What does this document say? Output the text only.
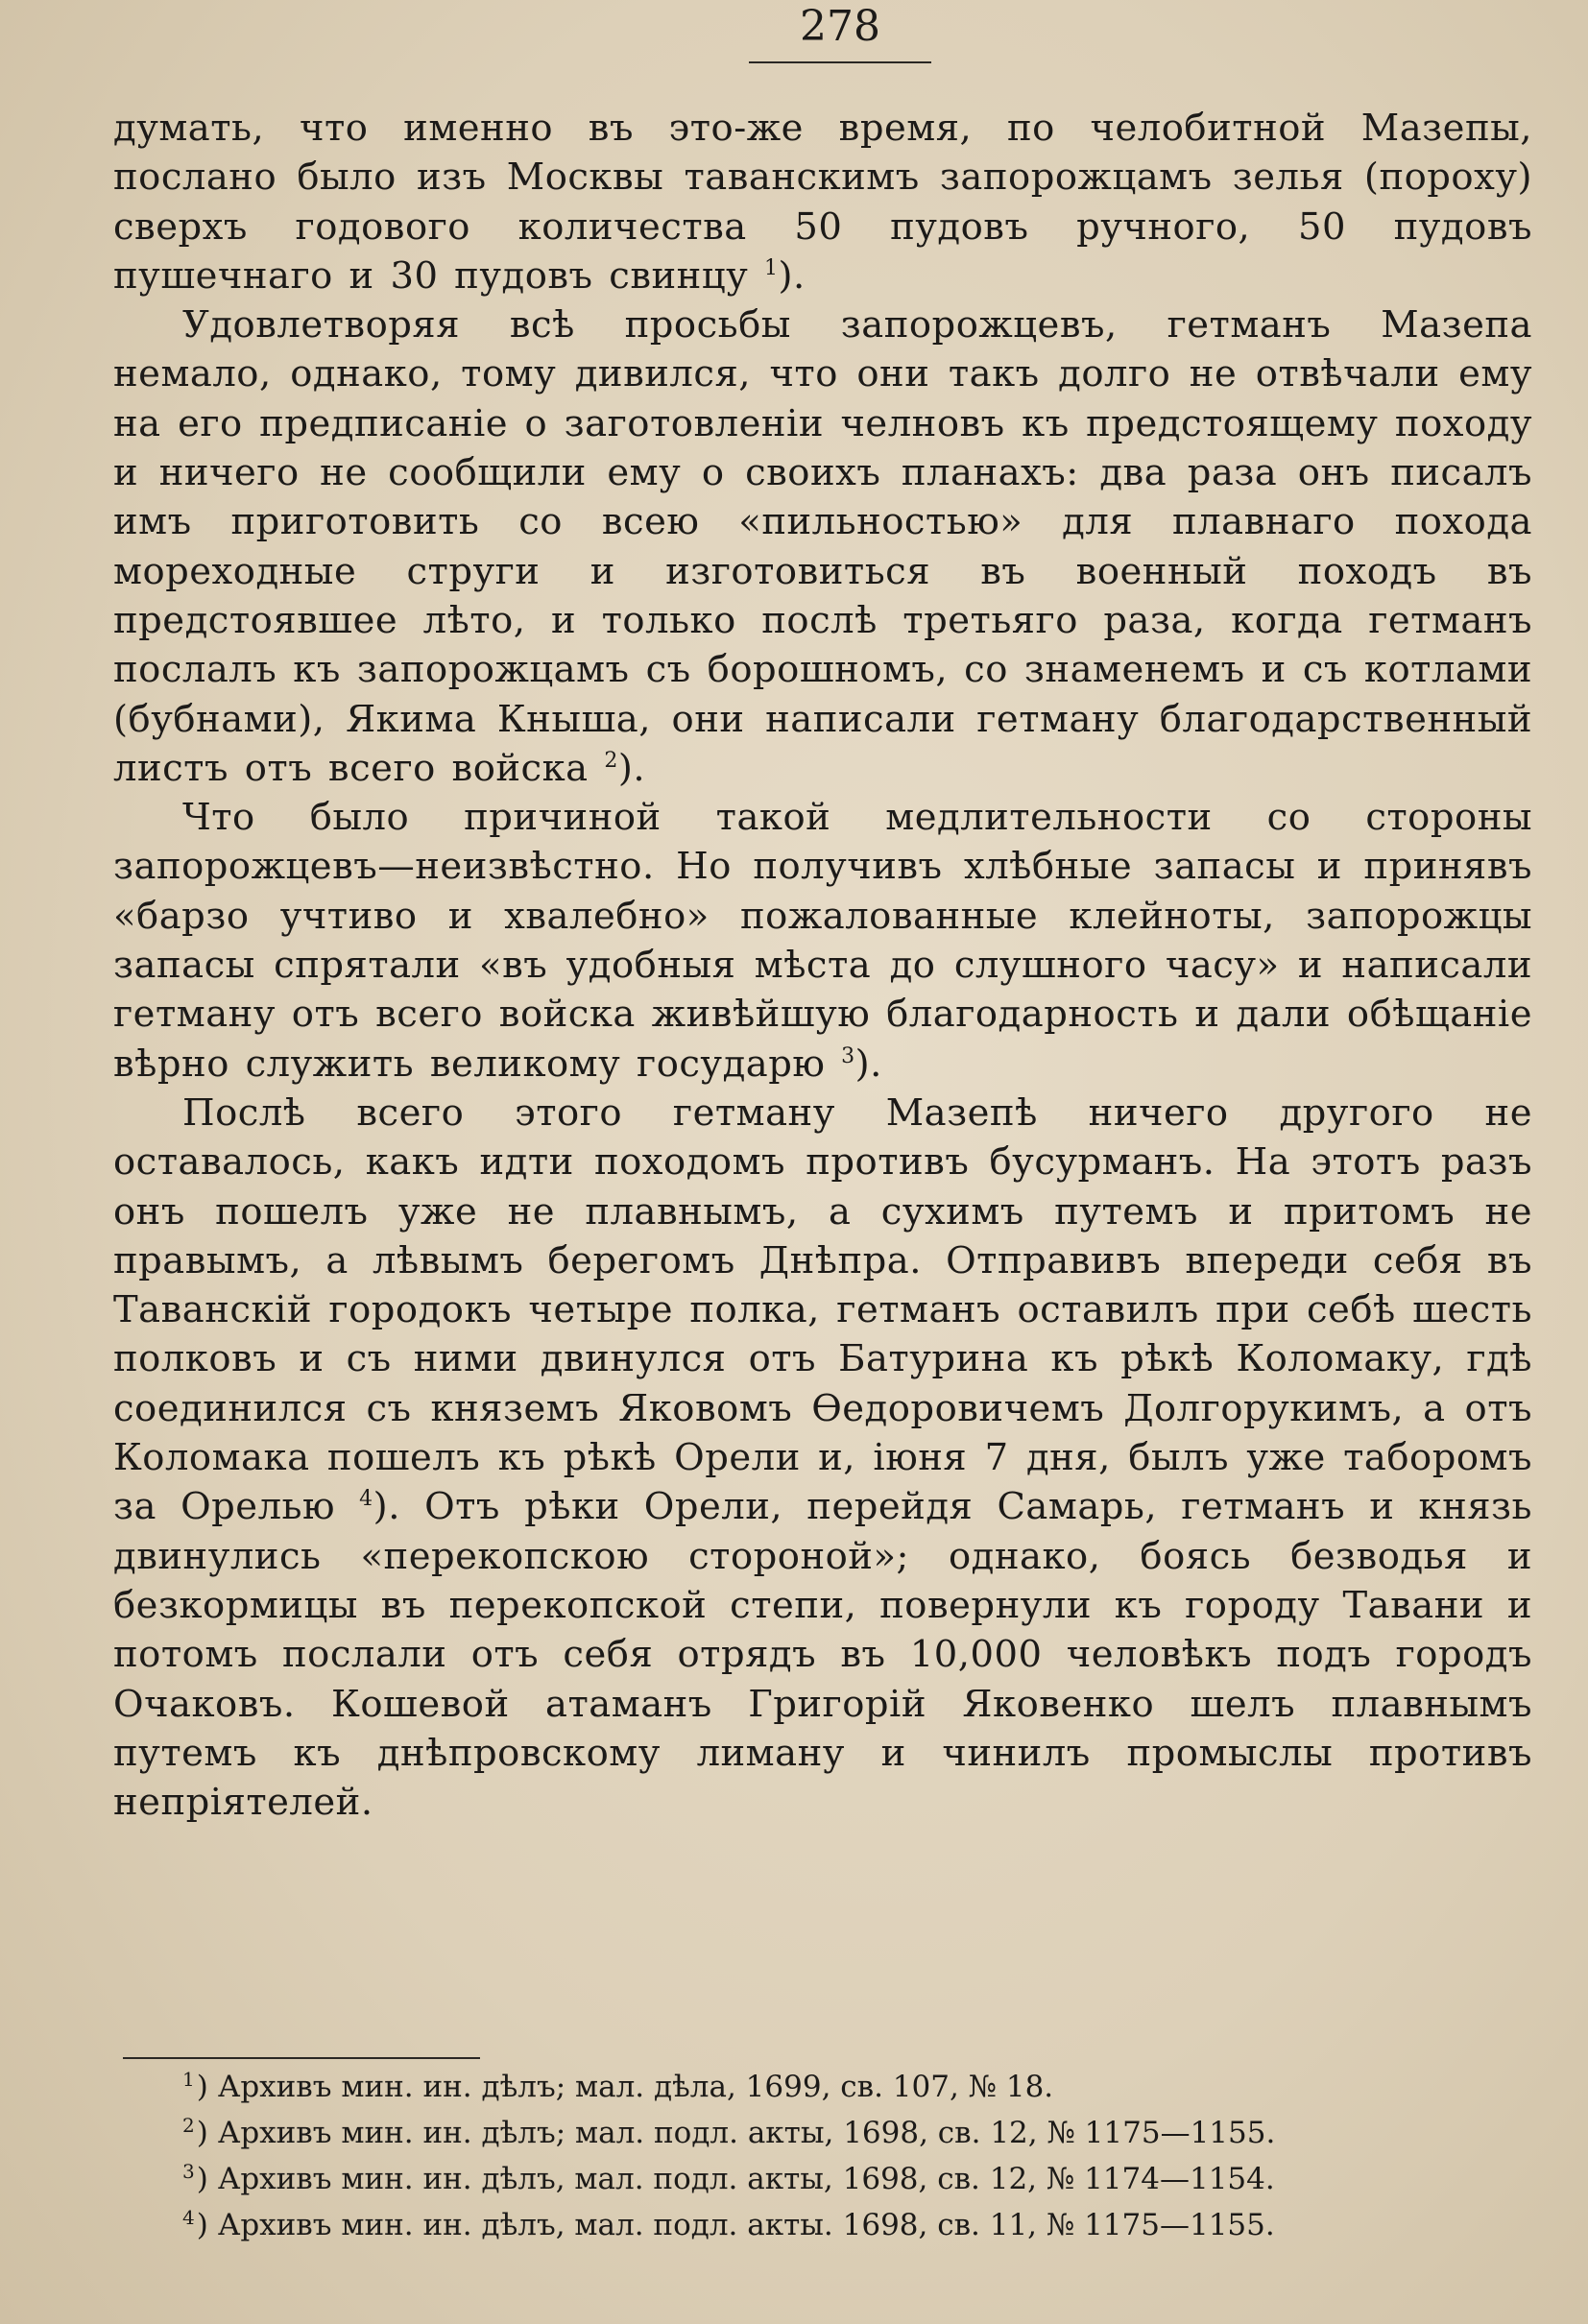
278

думать, что именно въ это-же время, по челобитной Мазепы, послано было изъ Москвы таванскимъ запорожцамъ зелья (пороху) сверхъ годового количества 50 пудовъ ручного, 50 пудовъ пушечнаго и 30 пудовъ свинцу $^1$).

Удовлетворяя всѣ просьбы запорожцевъ, гетманъ Мазепа немало, однако, тому дивился, что они такъ долго не отвѣчали ему на его предписаніе о заготовленіи челновъ къ предстоящему походу и ничего не сообщили ему о своихъ планахъ: два раза онъ писалъ имъ приготовить со всею «пильностью» для плавнаго похода мореходные струги и изготовиться въ военный походъ въ предстоявшее лѣто, и только послѣ третьяго раза, когда гетманъ послалъ къ запорожцамъ съ борошномъ, со знаменемъ и съ котлами (бубнами), Якима Кныша, они написали гетману благодарственный листъ отъ всего войска $^2$).

Что было причиной такой медлительности со стороны запорожцевъ—неизвѣстно. Но получивъ хлѣбные запасы и принявъ «барзо учтиво и хвалебно» пожалованные клейноты, запорожцы запасы спрятали «въ удобныя мѣста до слушного часу» и написали гетману отъ всего войска живѣйшую благодарность и дали обѣщаніе вѣрно служить великому государю $^3$).

Послѣ всего этого гетману Мазепѣ ничего другого не оставалось, какъ идти походомъ противъ бусурманъ. На этотъ разъ онъ пошелъ уже не плавнымъ, а сухимъ путемъ и притомъ не правымъ, а лѣвымъ берегомъ Днѣпра. Отправивъ впереди себя въ Таванскій городокъ четыре полка, гетманъ оставилъ при себѣ шесть полковъ и съ ними двинулся отъ Батурина къ рѣкѣ Коломаку, гдѣ соединился съ княземъ Яковомъ Ѳедоровичемъ Долгорукимъ, а отъ Коломака пошелъ къ рѣкѣ Орели и, іюня 7 дня, былъ уже таборомъ за Орелью $^4$). Отъ рѣки Орели, перейдя Самарь, гетманъ и князь двинулись «перекопскою стороной»; однако, боясь безводья и безкормицы въ перекопской степи, повернули къ городу Тавани и потомъ послали отъ себя отрядъ въ 10,000 человѣкъ подъ городъ Очаковъ. Кошевой атаманъ Григорій Яковенко шелъ плавнымъ путемъ къ днѣпровскому лиману и чинилъ промыслы противъ непріятелей.

$^1$) Архивъ мин. ин. дѣлъ; мал. дѣла, 1699, св. 107, № 18.
$^2$) Архивъ мин. ин. дѣлъ; мал. подл. акты, 1698, св. 12, № 1175—1155.
$^3$) Архивъ мин. ин. дѣлъ, мал. подл. акты, 1698, св. 12, № 1174—1154.
$^4$) Архивъ мин. ин. дѣлъ, мал. подл. акты. 1698, св. 11, № 1175—1155.
